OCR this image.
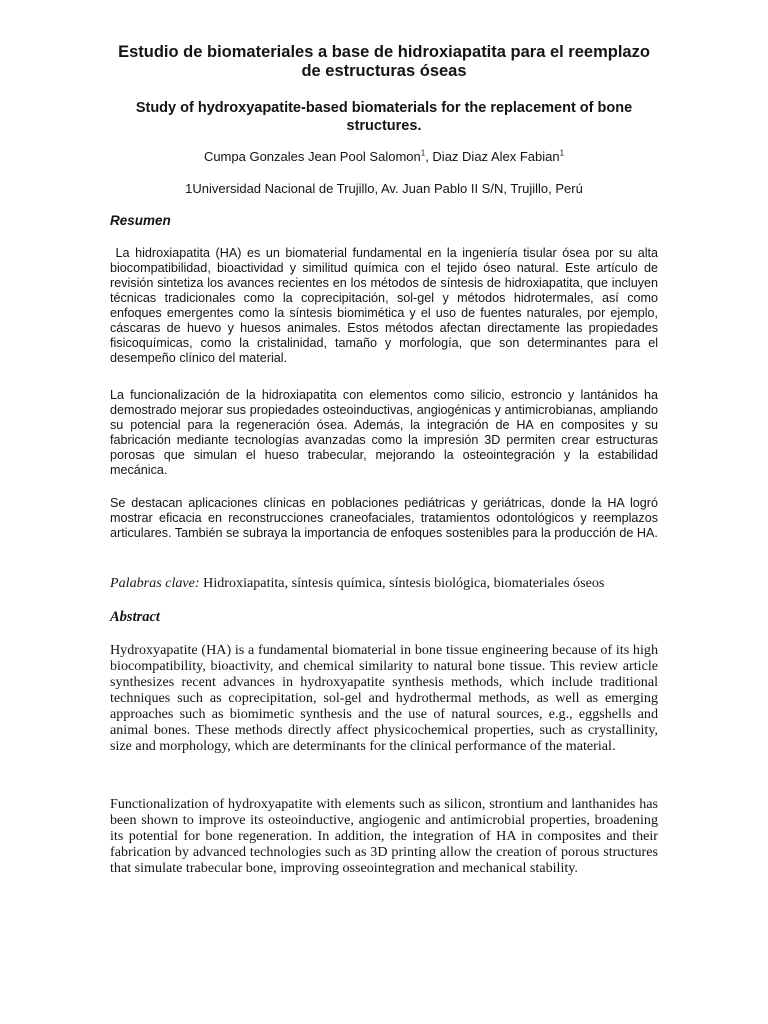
Estudio de biomateriales a base de hidroxiapatita para el reemplazo de estructuras óseas
Study of hydroxyapatite-based biomaterials for the replacement of bone structures.
Cumpa Gonzales Jean Pool Salomon$^1$, Diaz Diaz Alex Fabian$^1$
1Universidad Nacional de Trujillo, Av. Juan Pablo II S/N, Trujillo, Perú
Resumen

La hidroxiapatita (HA) es un biomaterial fundamental en la ingeniería tisular ósea por su alta biocompatibilidad, bioactividad y similitud química con el tejido óseo natural. Este artículo de revisión sintetiza los avances recientes en los métodos de síntesis de hidroxiapatita, que incluyen técnicas tradicionales como la coprecipitación, sol-gel y métodos hidrotermales, así como enfoques emergentes como la síntesis biomimética y el uso de fuentes naturales, por ejemplo, cáscaras de huevo y huesos animales. Estos métodos afectan directamente las propiedades fisicoquímicas, como la cristalinidad, tamaño y morfología, que son determinantes para el desempeño clínico del material.

La funcionalización de la hidroxiapatita con elementos como silicio, estroncio y lantánidos ha demostrado mejorar sus propiedades osteoinductivas, angiogénicas y antimicrobianas, ampliando su potencial para la regeneración ósea. Además, la integración de HA en composites y su fabricación mediante tecnologías avanzadas como la impresión 3D permiten crear estructuras porosas que simulan el hueso trabecular, mejorando la osteointegración y la estabilidad mecánica.

Se destacan aplicaciones clínicas en poblaciones pediátricas y geriátricas, donde la HA logró mostrar eficacia en reconstrucciones craneofaciales, tratamientos odontológicos y reemplazos articulares. También se subraya la importancia de enfoques sostenibles para la producción de HA.

Palabras clave: Hidroxiapatita, síntesis química, síntesis biológica, biomateriales óseos
Abstract

Hydroxyapatite (HA) is a fundamental biomaterial in bone tissue engineering because of its high biocompatibility, bioactivity, and chemical similarity to natural bone tissue. This review article synthesizes recent advances in hydroxyapatite synthesis methods, which include traditional techniques such as coprecipitation, sol-gel and hydrothermal methods, as well as emerging approaches such as biomimetic synthesis and the use of natural sources, e.g., eggshells and animal bones. These methods directly affect physicochemical properties, such as crystallinity, size and morphology, which are determinants for the clinical performance of the material.

Functionalization of hydroxyapatite with elements such as silicon, strontium and lanthanides has been shown to improve its osteoinductive, angiogenic and antimicrobial properties, broadening its potential for bone regeneration. In addition, the integration of HA in composites and their fabrication by advanced technologies such as 3D printing allow the creation of porous structures that simulate trabecular bone, improving osseointegration and mechanical stability.
